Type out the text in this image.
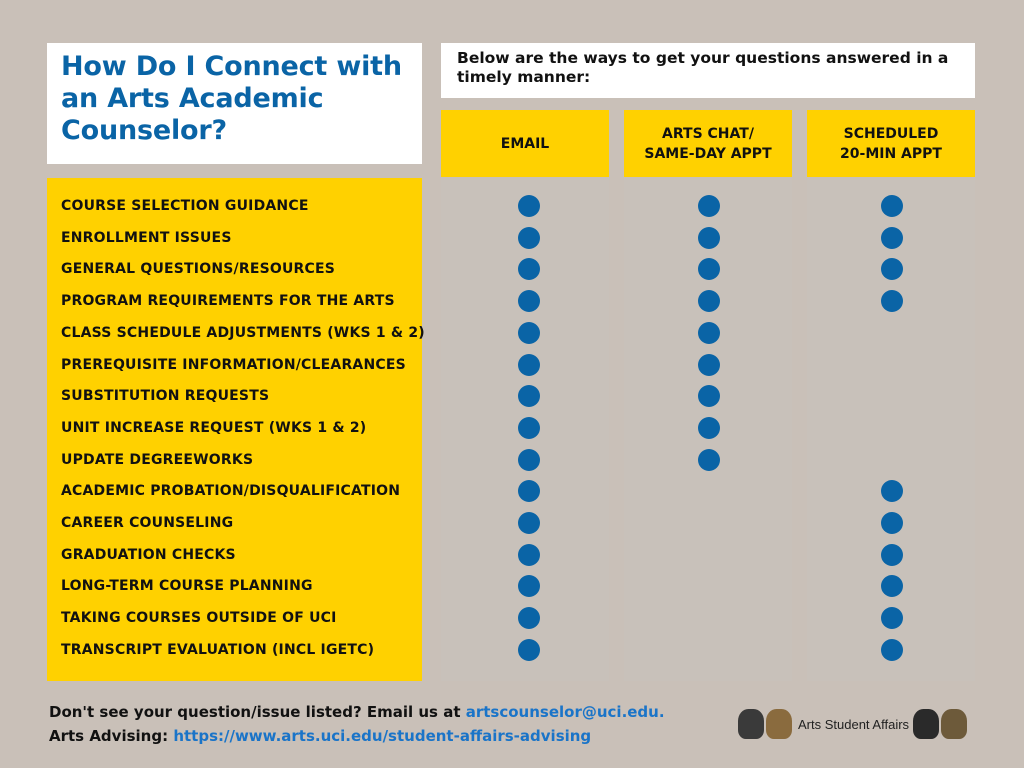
How Do I Connect with an Arts Academic Counselor?

Below are the ways to get your questions answered in a timely manner:

EMAIL
ARTS CHAT/
SAME-DAY APPT
SCHEDULED
20-MIN APPT
COURSE SELECTION GUIDANCE
ENROLLMENT ISSUES
GENERAL QUESTIONS/RESOURCES
PROGRAM REQUIREMENTS FOR THE ARTS
CLASS SCHEDULE ADJUSTMENTS (WKS 1 & 2)
PREREQUISITE INFORMATION/CLEARANCES
SUBSTITUTION REQUESTS
UNIT INCREASE REQUEST (WKS 1 & 2)
UPDATE DEGREEWORKS
ACADEMIC PROBATION/DISQUALIFICATION
CAREER COUNSELING
GRADUATION CHECKS
LONG-TERM COURSE PLANNING
TAKING COURSES OUTSIDE OF UCI
TRANSCRIPT EVALUATION (INCL IGETC)
Don't see your question/issue listed? Email us at artscounselor@uci.edu.
Arts Advising: https://www.arts.uci.edu/student-affairs-advising
Arts Student Affairs
